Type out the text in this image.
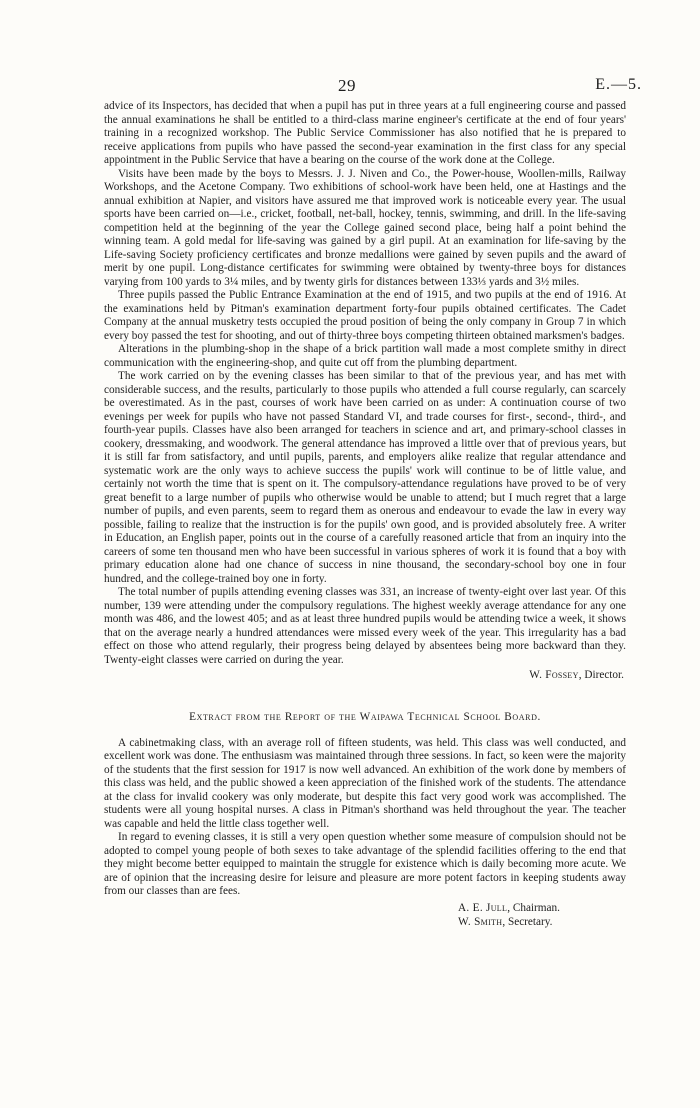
29	E.—5.

advice of its Inspectors, has decided that when a pupil has put in three years at a full engineering course and passed the annual examinations he shall be entitled to a third-class marine engineer's certificate at the end of four years' training in a recognized workshop. The Public Service Commissioner has also notified that he is prepared to receive applications from pupils who have passed the second-year examination in the first class for any special appointment in the Public Service that have a bearing on the course of the work done at the College.

Visits have been made by the boys to Messrs. J. J. Niven and Co., the Power-house, Woollen-mills, Railway Workshops, and the Acetone Company. Two exhibitions of school-work have been held, one at Hastings and the annual exhibition at Napier, and visitors have assured me that improved work is noticeable every year. The usual sports have been carried on—i.e., cricket, football, net-ball, hockey, tennis, swimming, and drill. In the life-saving competition held at the beginning of the year the College gained second place, being half a point behind the winning team. A gold medal for life-saving was gained by a girl pupil. At an examination for life-saving by the Life-saving Society proficiency certificates and bronze medallions were gained by seven pupils and the award of merit by one pupil. Long-distance certificates for swimming were obtained by twenty-three boys for distances varying from 100 yards to 3¼ miles, and by twenty girls for distances between 133⅓ yards and 3½ miles.

Three pupils passed the Public Entrance Examination at the end of 1915, and two pupils at the end of 1916. At the examinations held by Pitman's examination department forty-four pupils obtained certificates. The Cadet Company at the annual musketry tests occupied the proud position of being the only company in Group 7 in which every boy passed the test for shooting, and out of thirty-three boys competing thirteen obtained marksmen's badges.

Alterations in the plumbing-shop in the shape of a brick partition wall made a most complete smithy in direct communication with the engineering-shop, and quite cut off from the plumbing department.

The work carried on by the evening classes has been similar to that of the previous year, and has met with considerable success, and the results, particularly to those pupils who attended a full course regularly, can scarcely be overestimated. As in the past, courses of work have been carried on as under: A continuation course of two evenings per week for pupils who have not passed Standard VI, and trade courses for first-, second-, third-, and fourth-year pupils. Classes have also been arranged for teachers in science and art, and primary-school classes in cookery, dressmaking, and woodwork. The general attendance has improved a little over that of previous years, but it is still far from satisfactory, and until pupils, parents, and employers alike realize that regular attendance and systematic work are the only ways to achieve success the pupils' work will continue to be of little value, and certainly not worth the time that is spent on it. The compulsory-attendance regulations have proved to be of very great benefit to a large number of pupils who otherwise would be unable to attend; but I much regret that a large number of pupils, and even parents, seem to regard them as onerous and endeavour to evade the law in every way possible, failing to realize that the instruction is for the pupils' own good, and is provided absolutely free. A writer in Education, an English paper, points out in the course of a carefully reasoned article that from an inquiry into the careers of some ten thousand men who have been successful in various spheres of work it is found that a boy with primary education alone had one chance of success in nine thousand, the secondary-school boy one in four hundred, and the college-trained boy one in forty.

The total number of pupils attending evening classes was 331, an increase of twenty-eight over last year. Of this number, 139 were attending under the compulsory regulations. The highest weekly average attendance for any one month was 486, and the lowest 405; and as at least three hundred pupils would be attending twice a week, it shows that on the average nearly a hundred attendances were missed every week of the year. This irregularity has a bad effect on those who attend regularly, their progress being delayed by absentees being more backward than they. Twenty-eight classes were carried on during the year.

W. Fossey, Director.
Extract from the Report of the Waipawa Technical School Board.

A cabinetmaking class, with an average roll of fifteen students, was held. This class was well conducted, and excellent work was done. The enthusiasm was maintained through three sessions. In fact, so keen were the majority of the students that the first session for 1917 is now well advanced. An exhibition of the work done by members of this class was held, and the public showed a keen appreciation of the finished work of the students. The attendance at the class for invalid cookery was only moderate, but despite this fact very good work was accomplished. The students were all young hospital nurses. A class in Pitman's shorthand was held throughout the year. The teacher was capable and held the little class together well.

In regard to evening classes, it is still a very open question whether some measure of compulsion should not be adopted to compel young people of both sexes to take advantage of the splendid facilities offering to the end that they might become better equipped to maintain the struggle for existence which is daily becoming more acute. We are of opinion that the increasing desire for leisure and pleasure are more potent factors in keeping students away from our classes than are fees.

A. E. Jull, Chairman.
W. Smith, Secretary.
